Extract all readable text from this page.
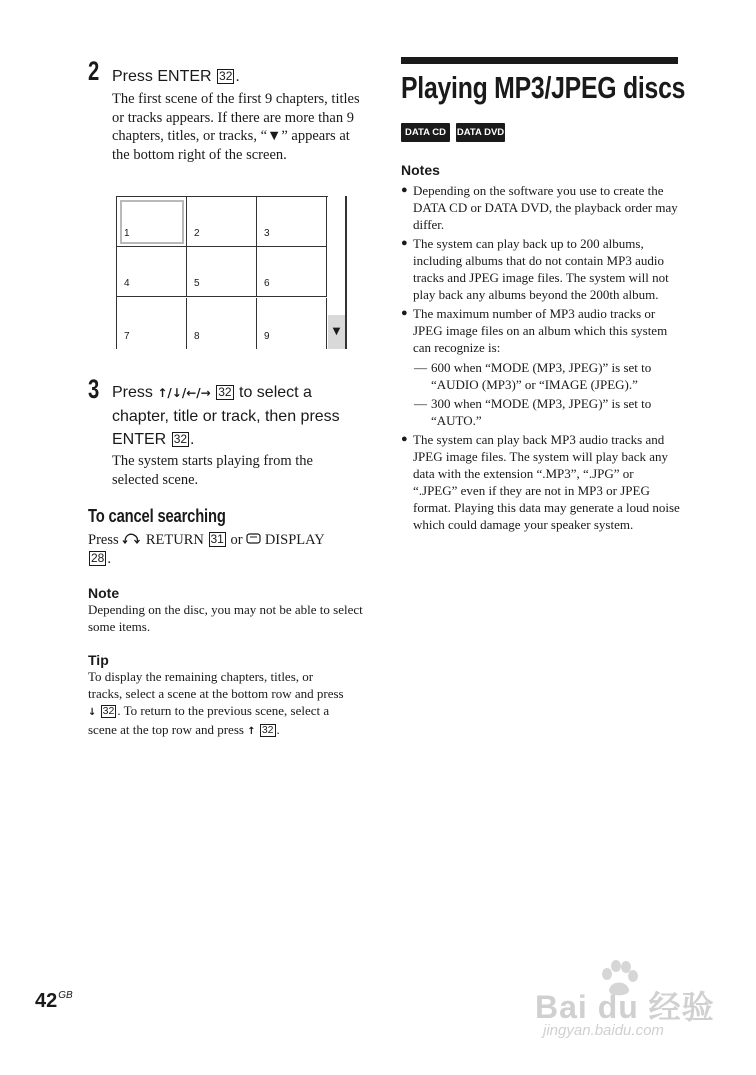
2 Press ENTER 32 .
The first scene of the first 9 chapters, titles or tracks appears. If there are more than 9 chapters, titles, or tracks, “▼” appears at the bottom right of the screen.
1	2	3
4	5	6
7	8	9	▼
3 Press ↑/↓/←/→ 32 to select a chapter, title or track, then press ENTER 32 .
The system starts playing from the selected scene.
To cancel searching
Press RETURN 31 or DISPLAY
28 .
Note
Depending on the disc, you may not be able to select some items.
Tip
To display the remaining chapters, titles, or tracks, select a scene at the bottom row and press ↓ 32 . To return to the previous scene, select a scene at the top row and press ↑ 32 .
Playing MP3/JPEG discs
DATA CD	DATA DVD
Notes
● Depending on the software you use to create the DATA CD or DATA DVD, the playback order may differ.
● The system can play back up to 200 albums, including albums that do not contain MP3 audio tracks and JPEG image files. The system will not play back any albums beyond the 200th album.
● The maximum number of MP3 audio tracks or JPEG image files on an album which this system can recognize is:
— 600 when “MODE (MP3, JPEG)” is set to “AUDIO (MP3)” or “IMAGE (JPEG).”
— 300 when “MODE (MP3, JPEG)” is set to “AUTO.”
● The system can play back MP3 audio tracks and JPEG image files. The system will play back any data with the extension “.MP3”, “.JPG” or “.JPEG” even if they are not in MP3 or JPEG format. Playing this data may generate a loud noise which could damage your speaker system.
$42^{GB}$	Bai du 经验
jingyan.baidu.com
